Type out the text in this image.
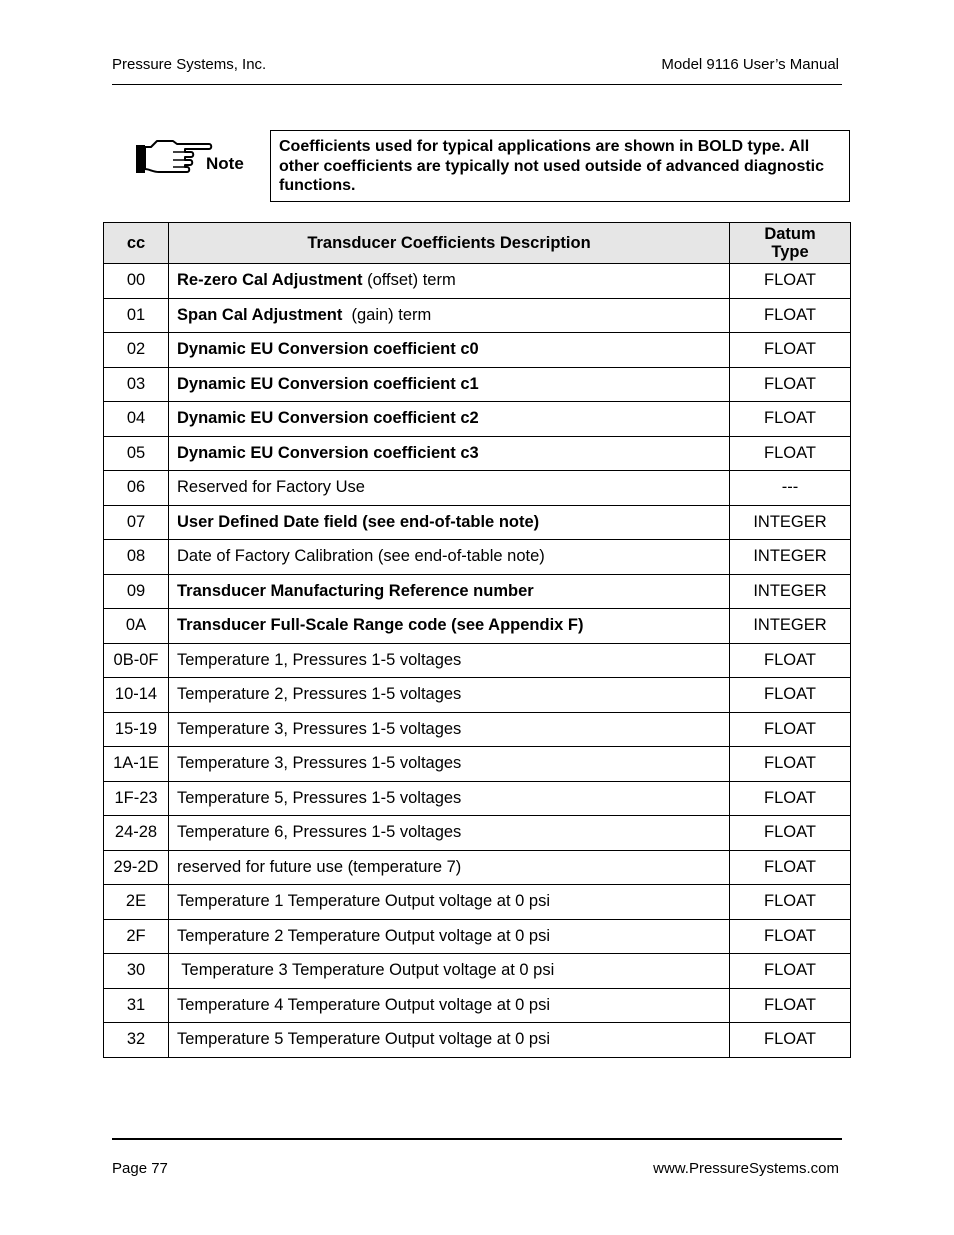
Pressure Systems, Inc.	Model 9116 User’s Manual
Note
Coefficients used for typical applications are shown in BOLD type. All other coefficients are typically not used outside of advanced diagnostic functions.
cc	Transducer Coefficients Description	Datum
Type
00	Re-zero Cal Adjustment (offset) term	FLOAT
01	Span Cal Adjustment  (gain) term	FLOAT
02	Dynamic EU Conversion coefficient c0	FLOAT
03	Dynamic EU Conversion coefficient c1	FLOAT
04	Dynamic EU Conversion coefficient c2	FLOAT
05	Dynamic EU Conversion coefficient c3	FLOAT
06	Reserved for Factory Use	---
07	User Defined Date field (see end-of-table note)	INTEGER
08	Date of Factory Calibration (see end-of-table note)	INTEGER
09	Transducer Manufacturing Reference number	INTEGER
0A	Transducer Full-Scale Range code (see Appendix F)	INTEGER
0B-0F	Temperature 1, Pressures 1-5 voltages	FLOAT
10-14	Temperature 2, Pressures 1-5 voltages	FLOAT
15-19	Temperature 3, Pressures 1-5 voltages	FLOAT
1A-1E	Temperature 3, Pressures 1-5 voltages	FLOAT
1F-23	Temperature 5, Pressures 1-5 voltages	FLOAT
24-28	Temperature 6, Pressures 1-5 voltages	FLOAT
29-2D	reserved for future use (temperature 7)	FLOAT
2E	Temperature 1 Temperature Output voltage at 0 psi	FLOAT
2F	Temperature 2 Temperature Output voltage at 0 psi	FLOAT
30	Temperature 3 Temperature Output voltage at 0 psi	FLOAT
31	Temperature 4 Temperature Output voltage at 0 psi	FLOAT
32	Temperature 5 Temperature Output voltage at 0 psi	FLOAT
Page 77	www.PressureSystems.com
